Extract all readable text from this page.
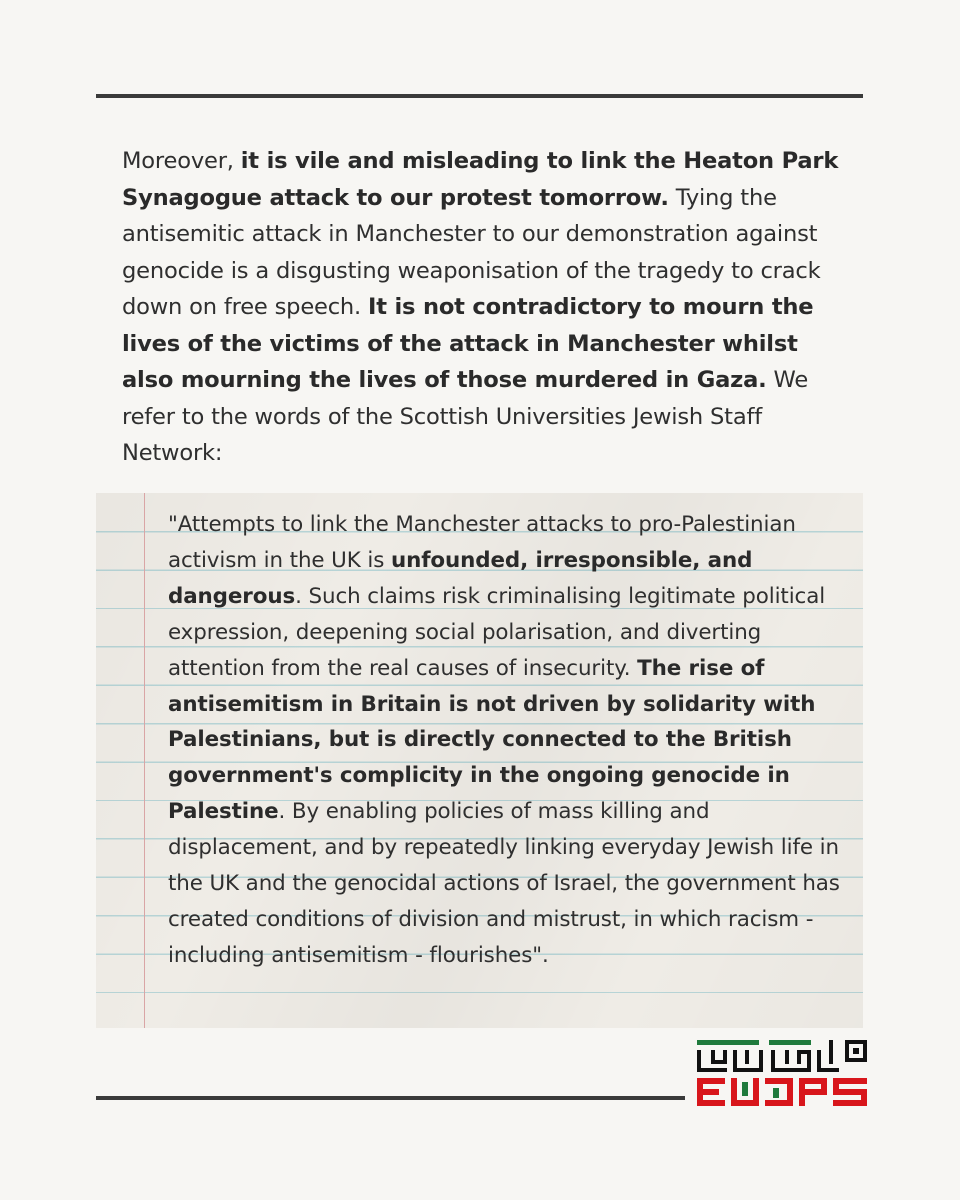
Moreover, it is vile and misleading to link the Heaton Park Synagogue attack to our protest tomorrow. Tying the antisemitic attack in Manchester to our demonstration against genocide is a disgusting weaponisation of the tragedy to crack down on free speech. It is not contradictory to mourn the lives of the victims of the attack in Manchester whilst also mourning the lives of those murdered in Gaza. We refer to the words of the Scottish Universities Jewish Staff Network:
"Attempts to link the Manchester attacks to pro-Palestinian activism in the UK is unfounded, irresponsible, and dangerous. Such claims risk criminalising legitimate political expression, deepening social polarisation, and diverting attention from the real causes of insecurity. The rise of antisemitism in Britain is not driven by solidarity with Palestinians, but is directly connected to the British government's complicity in the ongoing genocide in Palestine. By enabling policies of mass killing and displacement, and by repeatedly linking everyday Jewish life in the UK and the genocidal actions of Israel, the government has created conditions of division and mistrust, in which racism - including antisemitism - flourishes".
